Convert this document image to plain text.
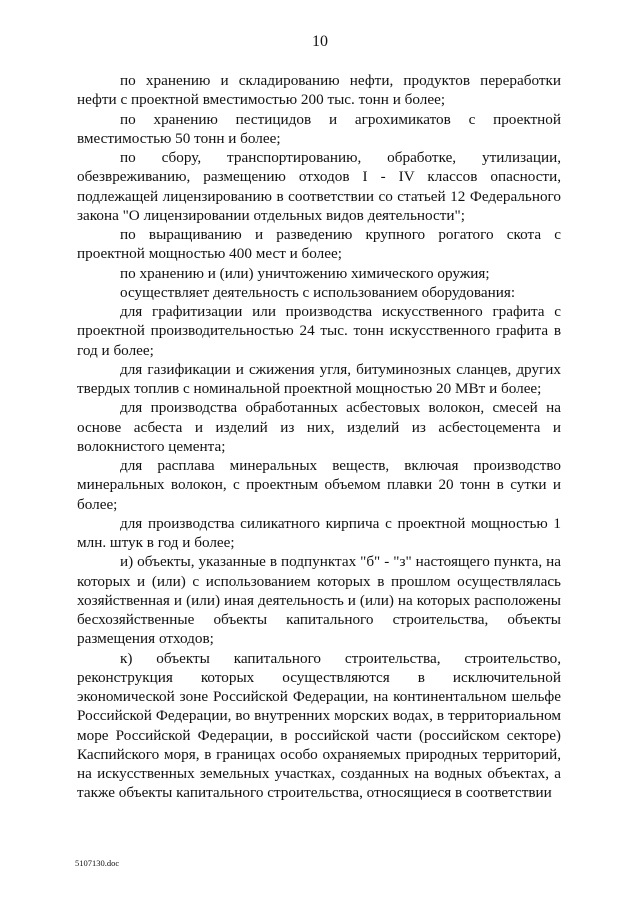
10

по хранению и складированию нефти, продуктов переработки нефти с проектной вместимостью 200 тыс. тонн и более;

по хранению пестицидов и агрохимикатов с проектной вместимостью 50 тонн и более;

по сбору, транспортированию, обработке, утилизации, обезвреживанию, размещению отходов I - IV классов опасности, подлежащей лицензированию в соответствии со статьей 12 Федерального закона "О лицензировании отдельных видов деятельности";

по выращиванию и разведению крупного рогатого скота с проектной мощностью 400 мест и более;

по хранению и (или) уничтожению химического оружия;

осуществляет деятельность с использованием оборудования:

для графитизации или производства искусственного графита с проектной производительностью 24 тыс. тонн искусственного графита в год и более;

для газификации и сжижения угля, битуминозных сланцев, других твердых топлив с номинальной проектной мощностью 20 МВт и более;

для производства обработанных асбестовых волокон, смесей на основе асбеста и изделий из них, изделий из асбестоцемента и волокнистого цемента;

для расплава минеральных веществ, включая производство минеральных волокон, с проектным объемом плавки 20 тонн в сутки и более;

для производства силикатного кирпича с проектной мощностью 1 млн. штук в год и более;

и) объекты, указанные в подпунктах "б" - "з" настоящего пункта, на которых и (или) с использованием которых в прошлом осуществлялась хозяйственная и (или) иная деятельность и (или) на которых расположены бесхозяйственные объекты капитального строительства, объекты размещения отходов;

к) объекты капитального строительства, строительство, реконструкция которых осуществляются в исключительной экономической зоне Российской Федерации, на континентальном шельфе Российской Федерации, во внутренних морских водах, в территориальном море Российской Федерации, в российской части (российском секторе) Каспийского моря, в границах особо охраняемых природных территорий, на искусственных земельных участках, созданных на водных объектах, а также объекты капитального строительства, относящиеся в соответствии

5107130.doc
